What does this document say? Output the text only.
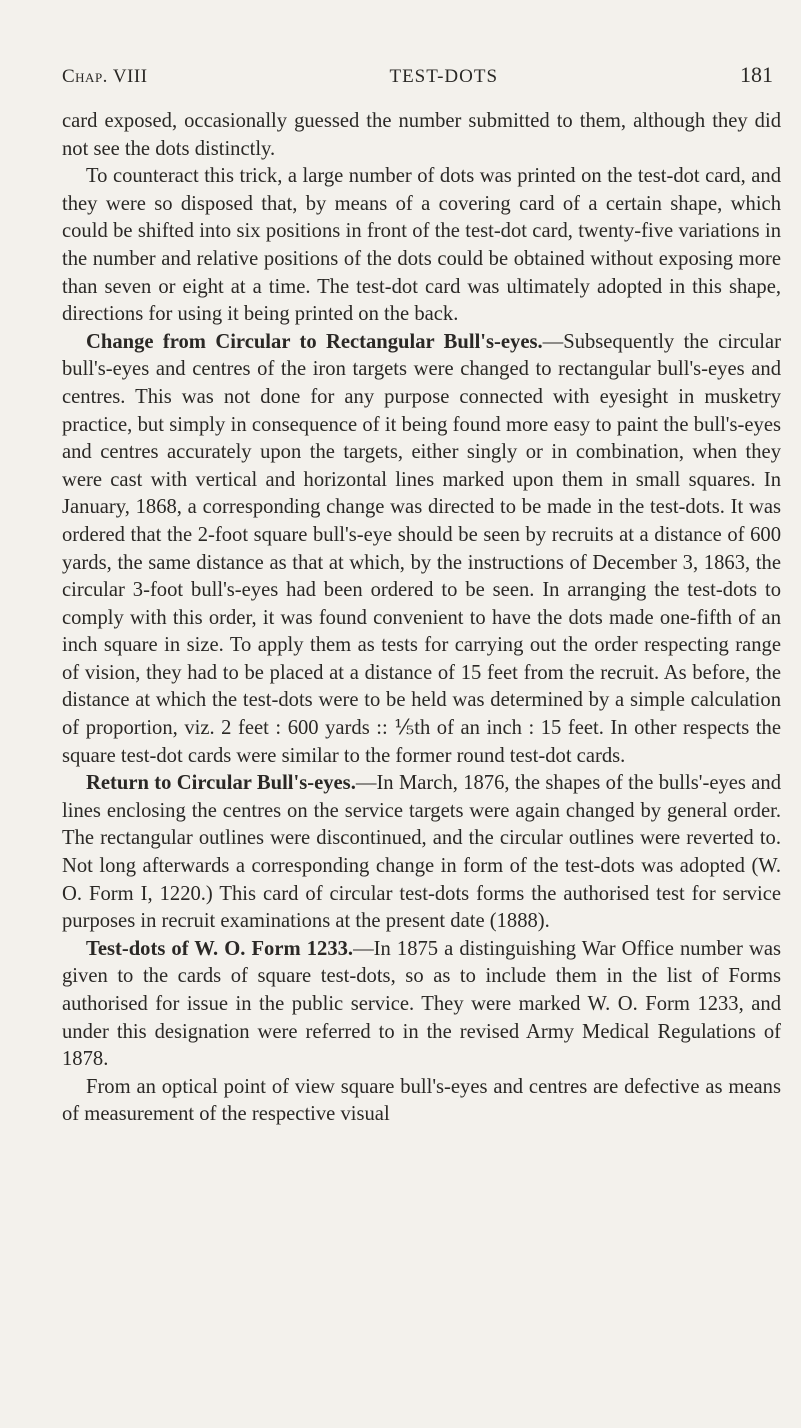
Chap. VIII	TEST-DOTS	181

card exposed, occasionally guessed the number submitted to them, although they did not see the dots distinctly.

To counteract this trick, a large number of dots was printed on the test-dot card, and they were so disposed that, by means of a covering card of a certain shape, which could be shifted into six positions in front of the test-dot card, twenty-five variations in the number and relative positions of the dots could be obtained without exposing more than seven or eight at a time. The test-dot card was ultimately adopted in this shape, directions for using it being printed on the back.

Change from Circular to Rectangular Bull's-eyes.—Subsequently the circular bull's-eyes and centres of the iron targets were changed to rectangular bull's-eyes and centres. This was not done for any purpose connected with eyesight in musketry practice, but simply in consequence of it being found more easy to paint the bull's-eyes and centres accurately upon the targets, either singly or in combination, when they were cast with vertical and horizontal lines marked upon them in small squares. In January, 1868, a corresponding change was directed to be made in the test-dots. It was ordered that the 2-foot square bull's-eye should be seen by recruits at a distance of 600 yards, the same distance as that at which, by the instructions of December 3, 1863, the circular 3-foot bull's-eyes had been ordered to be seen. In arranging the test-dots to comply with this order, it was found convenient to have the dots made one-fifth of an inch square in size. To apply them as tests for carrying out the order respecting range of vision, they had to be placed at a distance of 15 feet from the recruit. As before, the distance at which the test-dots were to be held was determined by a simple calculation of proportion, viz. 2 feet : 600 yards :: ⅕th of an inch : 15 feet. In other respects the square test-dot cards were similar to the former round test-dot cards.

Return to Circular Bull's-eyes.—In March, 1876, the shapes of the bulls'-eyes and lines enclosing the centres on the service targets were again changed by general order. The rectangular outlines were discontinued, and the circular outlines were reverted to. Not long afterwards a corresponding change in form of the test-dots was adopted (W. O. Form I, 1220.) This card of circular test-dots forms the authorised test for service purposes in recruit examinations at the present date (1888).

Test-dots of W. O. Form 1233.—In 1875 a distinguishing War Office number was given to the cards of square test-dots, so as to include them in the list of Forms authorised for issue in the public service. They were marked W. O. Form 1233, and under this designation were referred to in the revised Army Medical Regulations of 1878.

From an optical point of view square bull's-eyes and centres are defective as means of measurement of the respective visual
